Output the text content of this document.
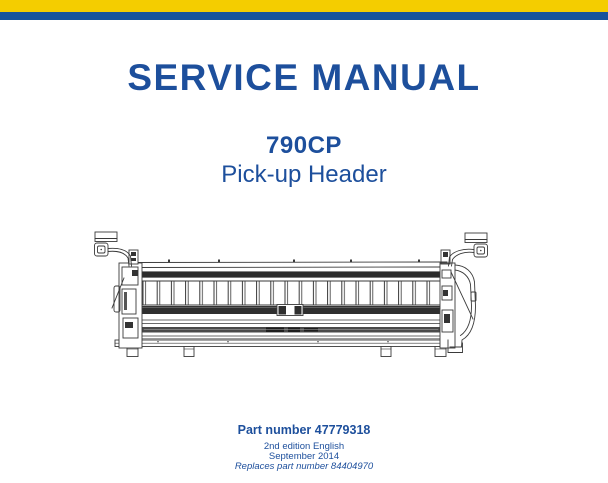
SERVICE MANUAL
790CP
Pick-up Header
Part number 47779318
2nd edition English
September 2014
Replaces part number 84404970
